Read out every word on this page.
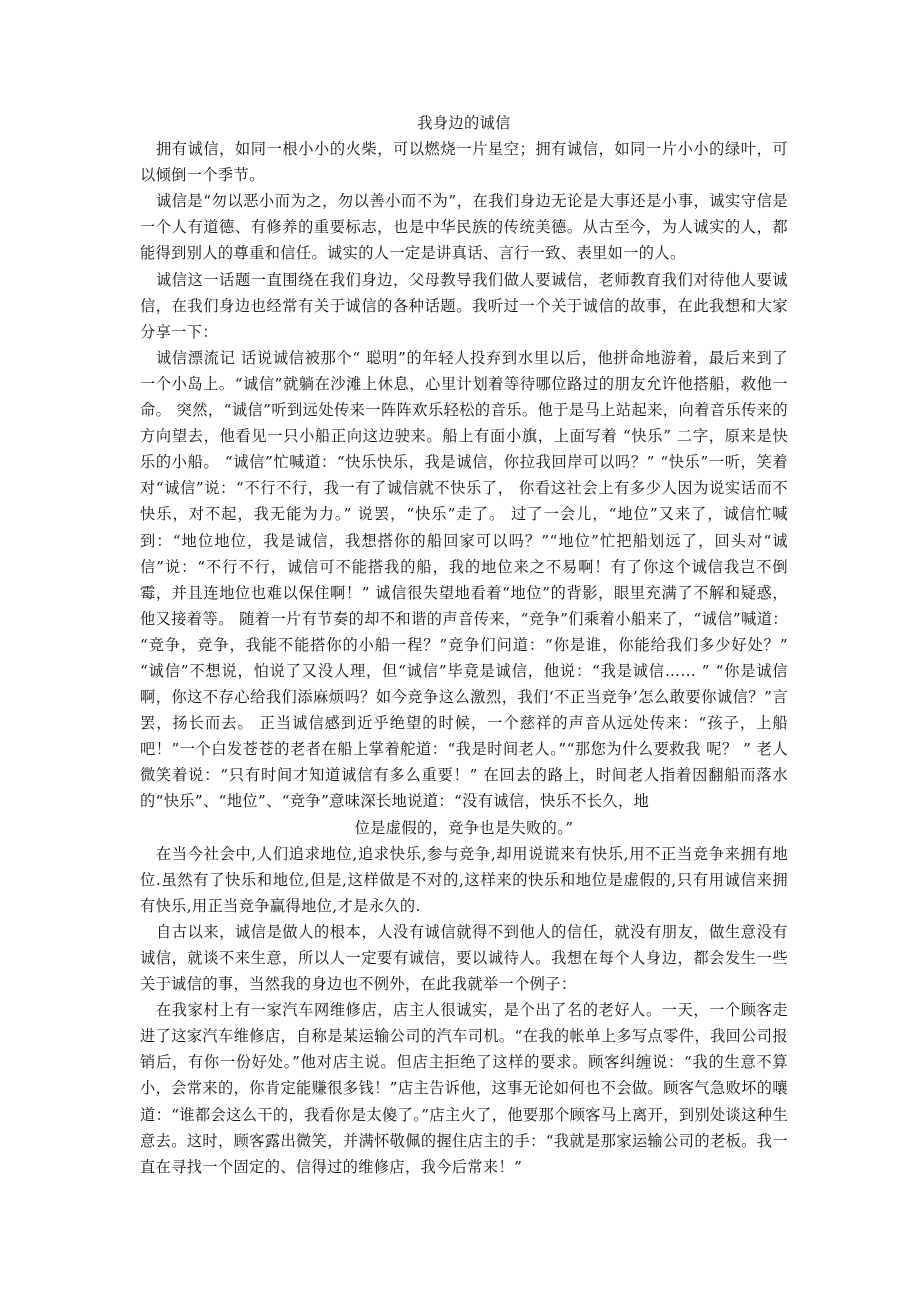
我身边的诚信

拥有诚信，如同一根小小的火柴，可以燃烧一片星空；拥有诚信，如同一片小小的绿叶，可以倾倒一个季节。

诚信是“勿以恶小而为之，勿以善小而不为”，在我们身边无论是大事还是小事，诚实守信是一个人有道德、有修养的重要标志，也是中华民族的传统美德。从古至今，为人诚实的人，都能得到别人的尊重和信任。诚实的人一定是讲真话、言行一致、表里如一的人。

诚信这一话题一直围绕在我们身边，父母教导我们做人要诚信，老师教育我们对待他人要诚信，在我们身边也经常有关于诚信的各种话题。我听过一个关于诚信的故事，在此我想和大家分享一下：

诚信漂流记 话说诚信被那个“ 聪明”的年轻人投弃到水里以后，他拼命地游着，最后来到了一个小岛上。“诚信”就躺在沙滩上休息，心里计划着等待哪位路过的朋友允许他搭船，救他一命。 突然，“诚信”听到远处传来一阵阵欢乐轻松的音乐。他于是马上站起来，向着音乐传来的方向望去，他看见一只小船正向这边驶来。船上有面小旗，上面写着 “快乐” 二字，原来是快乐的小船。 “诚信”忙喊道：“快乐快乐，我是诚信，你拉我回岸可以吗？” “快乐”一听，笑着对“诚信”说：“不行不行，我一有了诚信就不快乐了， 你看这社会上有多少人因为说实话而不快乐，对不起，我无能为力。” 说罢，“快乐”走了。 过了一会儿，“地位”又来了，诚信忙喊到：“地位地位，我是诚信，我想搭你的船回家可以吗？”“地位”忙把船划远了，回头对“诚信”说：“不行不行，诚信可不能搭我的船，我的地位来之不易啊！有了你这个诚信我岂不倒霉，并且连地位也难以保住啊！” 诚信很失望地看着“地位”的背影，眼里充满了不解和疑惑，他又接着等。 随着一片有节奏的却不和谐的声音传来，“竞争”们乘着小船来了，“诚信”喊道： “竞争，竞争，我能不能搭你的小船一程？”竞争们问道：“你是谁，你能给我们多少好处？” “诚信”不想说，怕说了又没人理，但“诚信”毕竟是诚信，他说：“我是诚信…… ” “你是诚信啊，你这不存心给我们添麻烦吗？如今竞争这么激烈，我们‘不正当竞争’怎么敢要你诚信？”言罢，扬长而去。 正当诚信感到近乎绝望的时候，一个慈祥的声音从远处传来：“孩子，上船吧！”一个白发苍苍的老者在船上掌着舵道：“我是时间老人。”“那您为什么要救我 呢？ ” 老人微笑着说：“只有时间才知道诚信有多么重要！” 在回去的路上，时间老人指着因翻船而落水的“快乐”、“地位”、“竞争”意味深长地说道：“没有诚信，快乐不长久，地

位是虚假的，竞争也是失败的。”

在当今社会中,人们追求地位,追求快乐,参与竞争,却用说谎来有快乐,用不正当竞争来拥有地位.虽然有了快乐和地位,但是,这样做是不对的,这样来的快乐和地位是虚假的,只有用诚信来拥有快乐,用正当竞争赢得地位,才是永久的.

自古以来，诚信是做人的根本，人没有诚信就得不到他人的信任，就没有朋友，做生意没有诚信，就谈不来生意，所以人一定要有诚信，要以诚待人。我想在每个人身边，都会发生一些关于诚信的事，当然我的身边也不例外，在此我就举一个例子：

在我家村上有一家汽车网维修店，店主人很诚实，是个出了名的老好人。一天，一个顾客走进了这家汽车维修店，自称是某运输公司的汽车司机。“在我的帐单上多写点零件，我回公司报销后，有你一份好处。”他对店主说。但店主拒绝了这样的要求。顾客纠缠说：“我的生意不算小，会常来的，你肯定能赚很多钱！”店主告诉他，这事无论如何也不会做。顾客气急败坏的嚷道：“谁都会这么干的，我看你是太傻了。”店主火了，他要那个顾客马上离开，到别处谈这种生意去。这时，顾客露出微笑，并满怀敬佩的握住店主的手：“我就是那家运输公司的老板。我一直在寻找一个固定的、信得过的维修店，我今后常来！”
